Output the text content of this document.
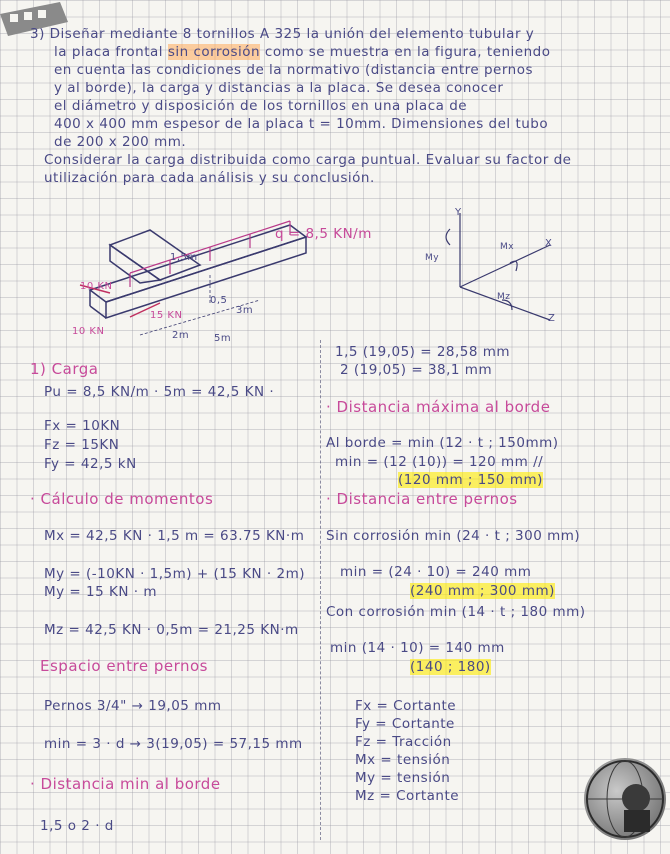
3) Diseñar mediante 8 tornillos A 325 la unión del elemento tubular y
la placa frontal sin corrosión como se muestra en la figura, teniendo
en cuenta las condiciones de la normativo (distancia entre pernos
y al borde), la carga y distancias a la placa. Se desea conocer
el diámetro y disposición de los tornillos en una placa de
400 x 400 mm espesor de la placa t = 10mm. Dimensiones del tubo
de 200 x 200 mm.
Considerar la carga distribuida como carga puntual. Evaluar su factor de
utilización para cada análisis y su conclusión.
q = 8,5 KN/m
1,5m
10 KN
15 KN
10 KN
0,5
3m
2m 5m
Y
X
Z
Mx
My
Mz
1) Carga
Pu = 8,5 KN/m · 5m = 42,5 KN ·
Fx = 10KN
Fz = 15KN
Fy = 42,5 kN
· Cálculo de momentos
Mx = 42,5 KN · 1,5 m = 63.75 KN·m
My = (-10KN · 1,5m) + (15 KN · 2m)
My = 15 KN · m
Mz = 42,5 KN · 0,5m = 21,25 KN·m
Espacio entre pernos
Pernos 3/4" → 19,05 mm
min = 3 · d → 3(19,05) = 57,15 mm
· Distancia min al borde
1,5 o 2 · d
1,5 (19,05) = 28,58 mm
2 (19,05) = 38,1 mm
· Distancia máxima al borde
Al borde = min (12 · t ; 150mm)
min = (12 (10)) = 120 mm //
(120 mm ; 150 mm)
· Distancia entre pernos
Sin corrosión min (24 · t ; 300 mm)
min = (24 · 10) = 240 mm
(240 mm ; 300 mm)
Con corrosión min (14 · t ; 180 mm)
min (14 · 10) = 140 mm
(140 ; 180)
Fx = Cortante
Fy = Cortante
Fz = Tracción
Mx = tensión
My = tensión
Mz = Cortante
